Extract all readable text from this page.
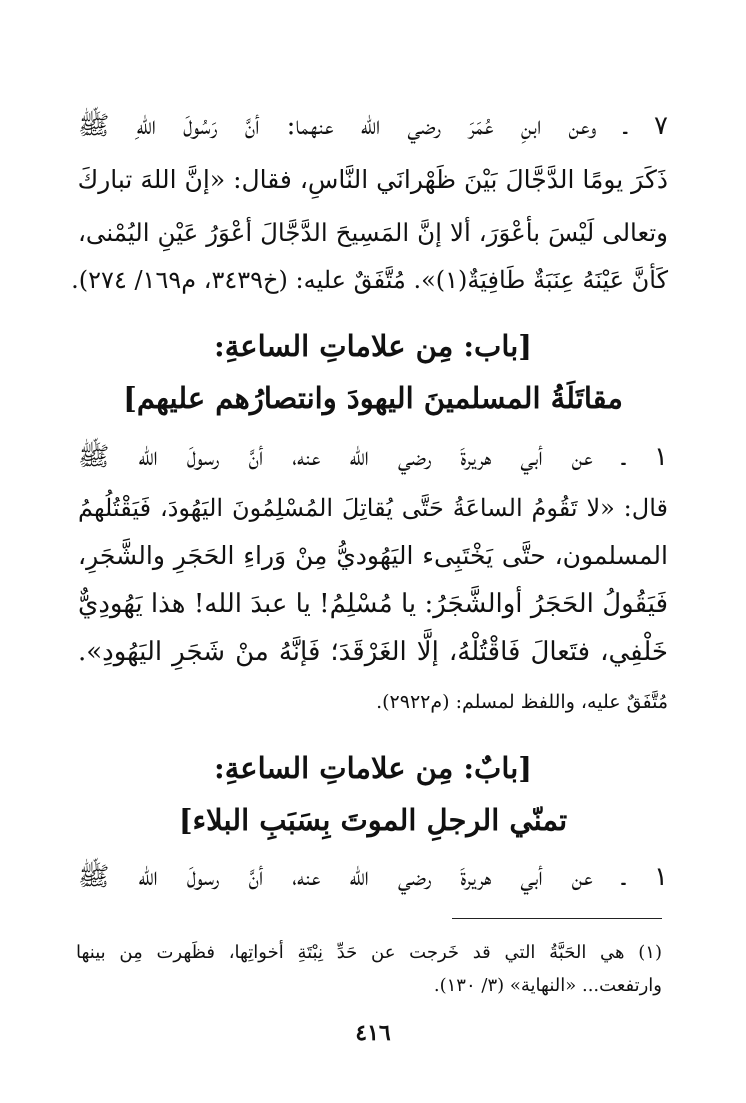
٧ ـ وعن ابنِ عُمَرَ رضي الله عنهما: أنَّ رَسُولَ اللهِ ﷺ
ذَكَرَ يومًا الدَّجَّالَ بَيْنَ ظَهْرانَي النَّاسِ، فقال: «إنَّ اللهَ تباركَ
وتعالى لَيْسَ بأعْوَرَ، ألا إنَّ المَسِيحَ الدَّجَّالَ أعْوَرُ عَيْنِ اليُمْنى،
كَأنَّ عَيْنَهُ عِنَبَةٌ طَافِيَةٌ(١)». مُتَّفَقٌ عليه: (خ٣٤٣٩، م١٦٩/ ٢٧٤).
[باب: مِن علاماتِ الساعةِ:
مقاتَلَةُ المسلمينَ اليهودَ وانتصارُهم عليهم]
١ ـ عن أبي هريرةَ رضي الله عنه، أنَّ رسولَ الله ﷺ
قال: «لا تَقُومُ الساعَةُ حَتَّى يُقاتِلَ المُسْلِمُونَ اليَهُودَ، فَيَقْتُلُهمُ
المسلمون، حتَّى يَخْتَبِىء اليَهُوديُّ مِنْ وَراءِ الحَجَرِ والشَّجَرِ،
فَيَقُولُ الحَجَرُ أوالشَّجَرُ: يا مُسْلِمُ! يا عبدَ الله! هذا يَهُودِيٌّ
خَلْفِي، فتَعالَ فَاقْتُلْهُ، إلَّا الغَرْقَدَ؛ فَإنَّهُ منْ شَجَرِ اليَهُودِ».
مُتَّفَقٌ عليه، واللفظ لمسلم: (م٢٩٢٢).
[بابٌ: مِن علاماتِ الساعةِ:
تمنّي الرجلِ الموتَ بِسَبَبِ البلاء]
١ ـ عن أبي هريرةَ رضي الله عنه، أنَّ رسولَ الله ﷺ
(١) هي الحَبَّةُ التي قد خَرجت عن حَدِّ نِبْتَةِ أخواتِها، فظَهرت مِن بينها
وارتفعت... «النهاية» (٣/ ١٣٠).
٤١٦
